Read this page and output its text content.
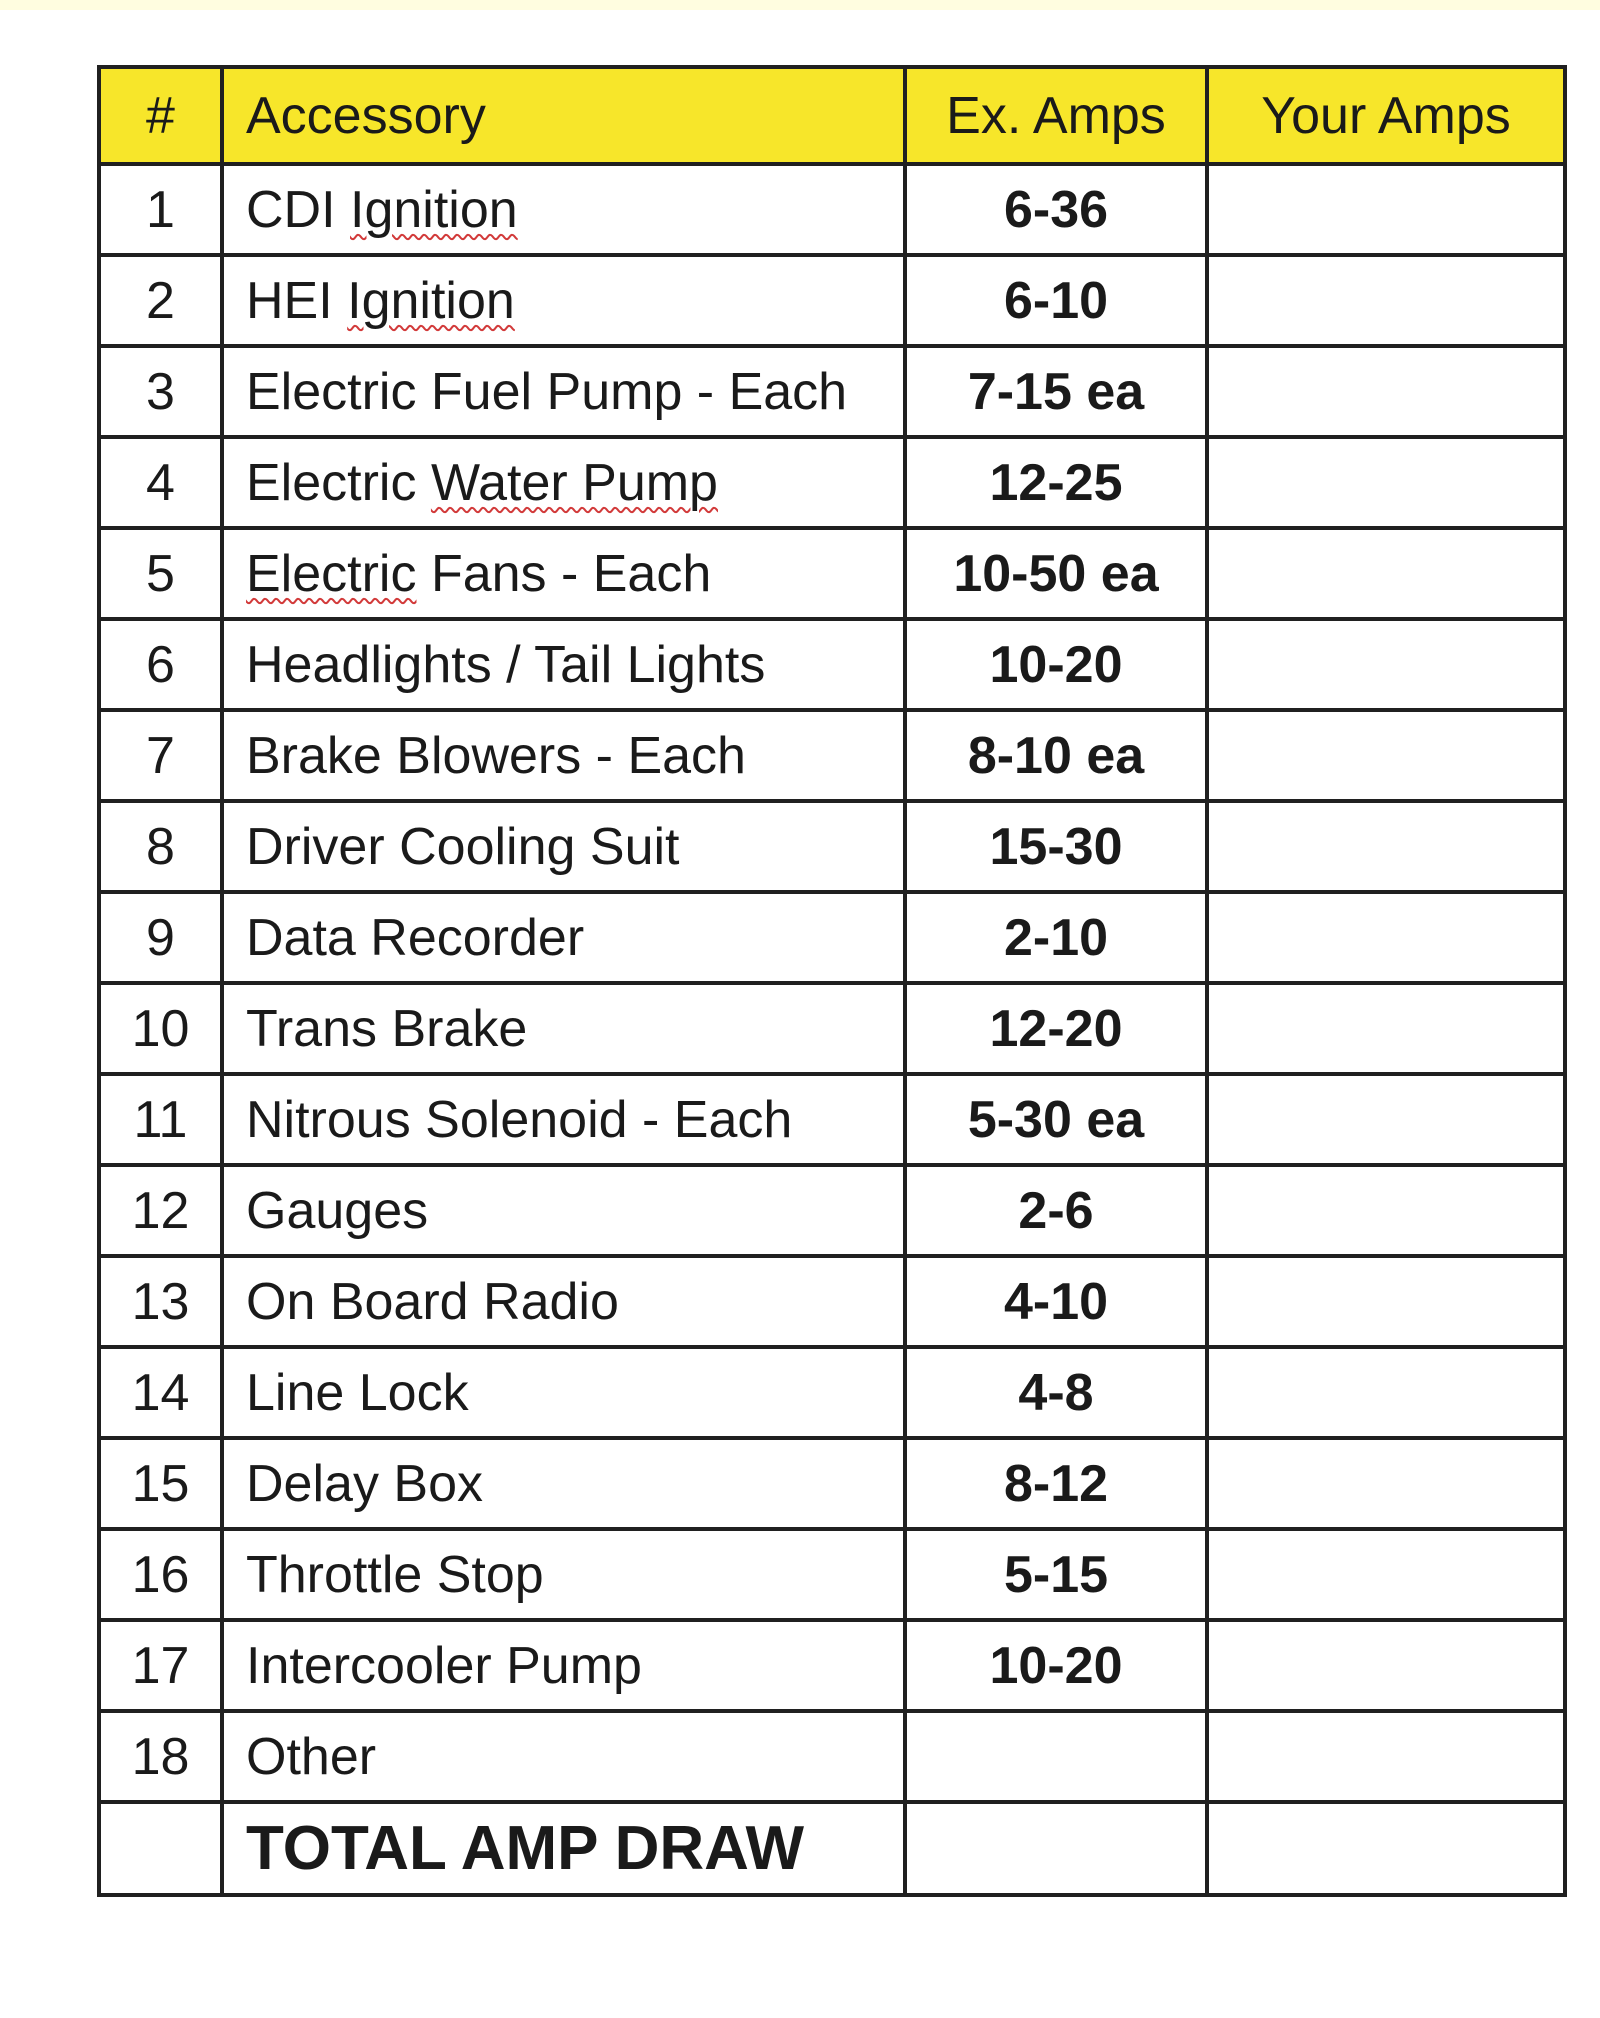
#	Accessory	Ex. Amps	Your Amps
1	CDI Ignition	6-36	
2	HEI Ignition	6-10	
3	Electric Fuel Pump - Each	7-15 ea	
4	Electric Water Pump	12-25	
5	Electric Fans - Each	10-50 ea	
6	Headlights / Tail Lights	10-20	
7	Brake Blowers - Each	8-10 ea	
8	Driver Cooling Suit	15-30	
9	Data Recorder	2-10	
10	Trans Brake	12-20	
11	Nitrous Solenoid - Each	5-30 ea	
12	Gauges	2-6	
13	On Board Radio	4-10	
14	Line Lock	4-8	
15	Delay Box	8-12	
16	Throttle Stop	5-15	
17	Intercooler Pump	10-20	
18	Other		
	TOTAL AMP DRAW		
